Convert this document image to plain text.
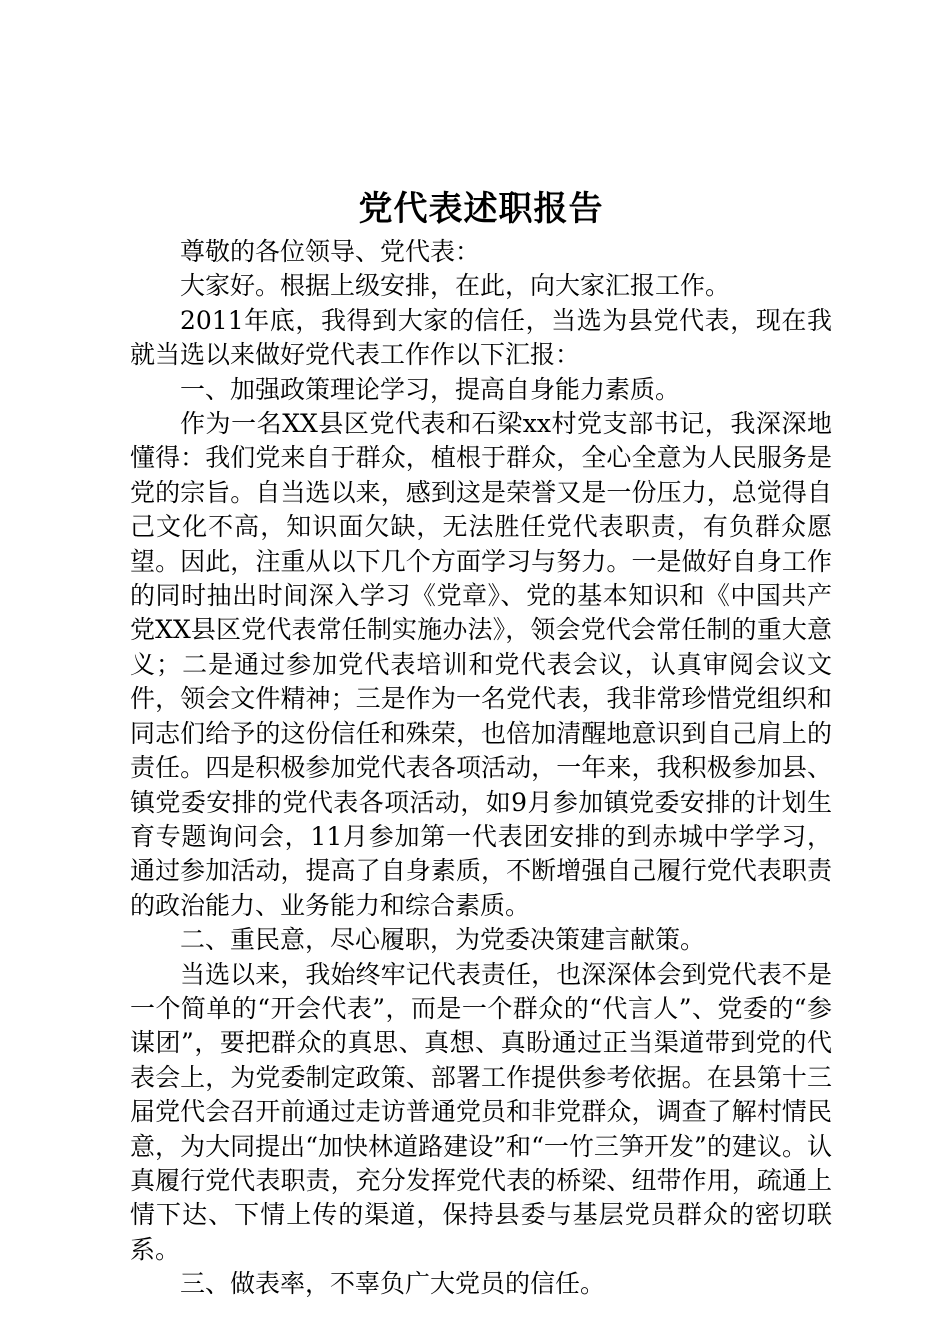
党代表述职报告

尊敬的各位领导、党代表：

大家好。根据上级安排，在此，向大家汇报工作。

2011年底，我得到大家的信任，当选为县党代表，现在我就当选以来做好党代表工作作以下汇报：

一、加强政策理论学习，提高自身能力素质。

作为一名XX县区党代表和石梁xx村党支部书记，我深深地懂得：我们党来自于群众，植根于群众，全心全意为人民服务是党的宗旨。自当选以来，感到这是荣誉又是一份压力，总觉得自己文化不高，知识面欠缺，无法胜任党代表职责，有负群众愿望。因此，注重从以下几个方面学习与努力。一是做好自身工作的同时抽出时间深入学习《党章》、党的基本知识和《中国共产党XX县区党代表常任制实施办法》，领会党代会常任制的重大意义；二是通过参加党代表培训和党代表会议，认真审阅会议文件，领会文件精神；三是作为一名党代表，我非常珍惜党组织和同志们给予的这份信任和殊荣，也倍加清醒地意识到自己肩上的责任。四是积极参加党代表各项活动，一年来，我积极参加县、镇党委安排的党代表各项活动，如9月参加镇党委安排的计划生育专题询问会，11月参加第一代表团安排的到赤城中学学习，通过参加活动，提高了自身素质，不断增强自己履行党代表职责的政治能力、业务能力和综合素质。

二、重民意，尽心履职，为党委决策建言献策。

当选以来，我始终牢记代表责任，也深深体会到党代表不是一个简单的“开会代表”，而是一个群众的“代言人”、党委的“参谋团”，要把群众的真思、真想、真盼通过正当渠道带到党的代表会上，为党委制定政策、部署工作提供参考依据。在县第十三届党代会召开前通过走访普通党员和非党群众，调查了解村情民意，为大同提出“加快林道路建设”和“一竹三笋开发”的建议。认真履行党代表职责，充分发挥党代表的桥梁、纽带作用，疏通上情下达、下情上传的渠道，保持县委与基层党员群众的密切联系。

三、做表率，不辜负广大党员的信任。
